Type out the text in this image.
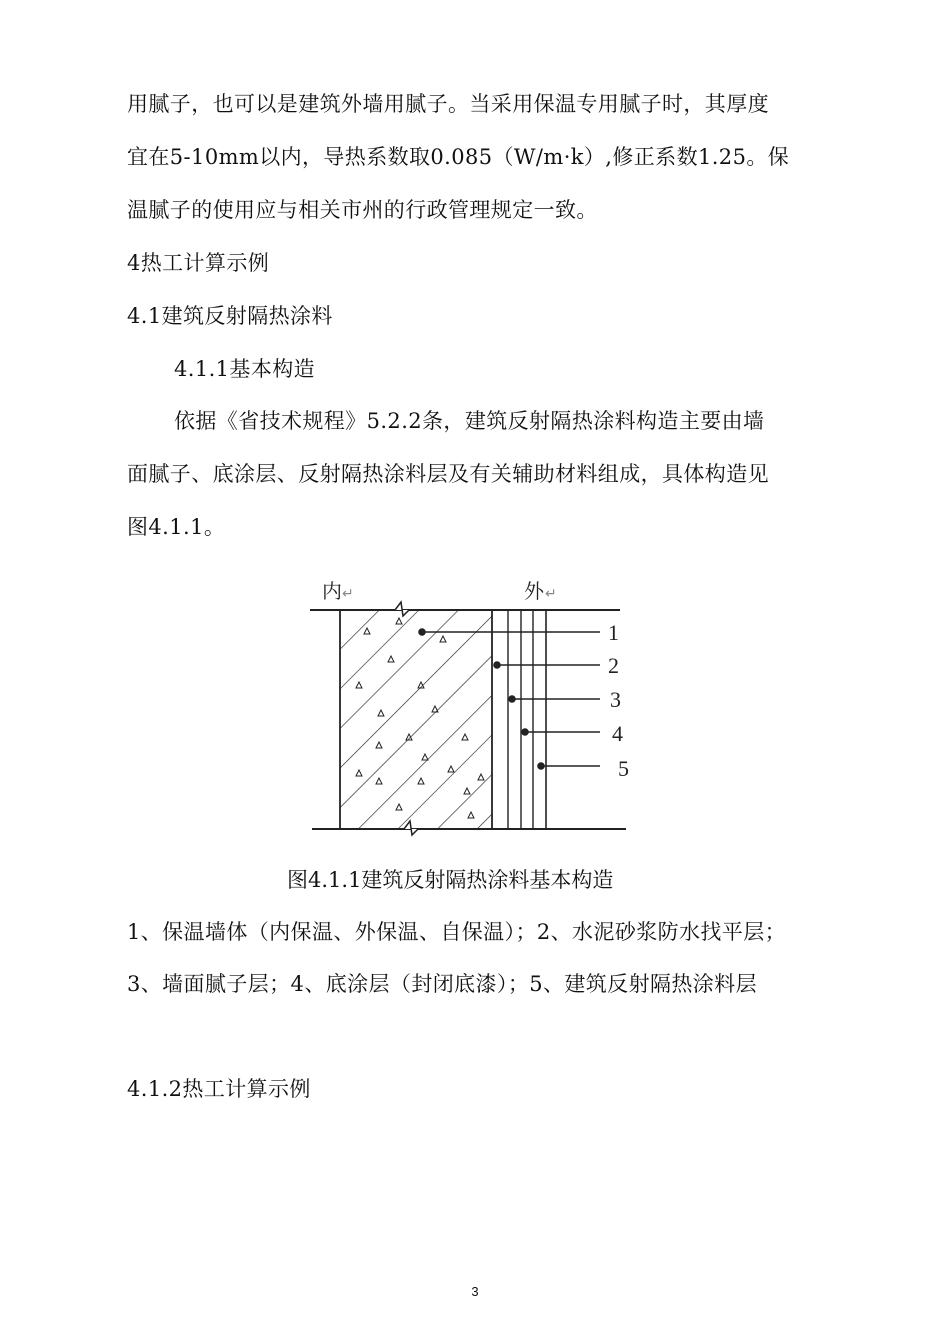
用腻子，也可以是建筑外墙用腻子。当采用保温专用腻子时，其厚度
宜在5-10mm以内，导热系数取0.085（W/m·k）,修正系数1.25。保
温腻子的使用应与相关市州的行政管理规定一致。
4热工计算示例
4.1建筑反射隔热涂料
4.1.1基本构造
依据《省技术规程》5.2.2条，建筑反射隔热涂料构造主要由墙
面腻子、底涂层、反射隔热涂料层及有关辅助材料组成，具体构造见
图4.1.1。
内 ↵	外 ↵
1
2
3
4
5
图4.1.1建筑反射隔热涂料基本构造
1、保温墙体（内保温、外保温、自保温）；2、水泥砂浆防水找平层；
3、墙面腻子层；4、底涂层（封闭底漆）；5、建筑反射隔热涂料层
4.1.2热工计算示例
3
